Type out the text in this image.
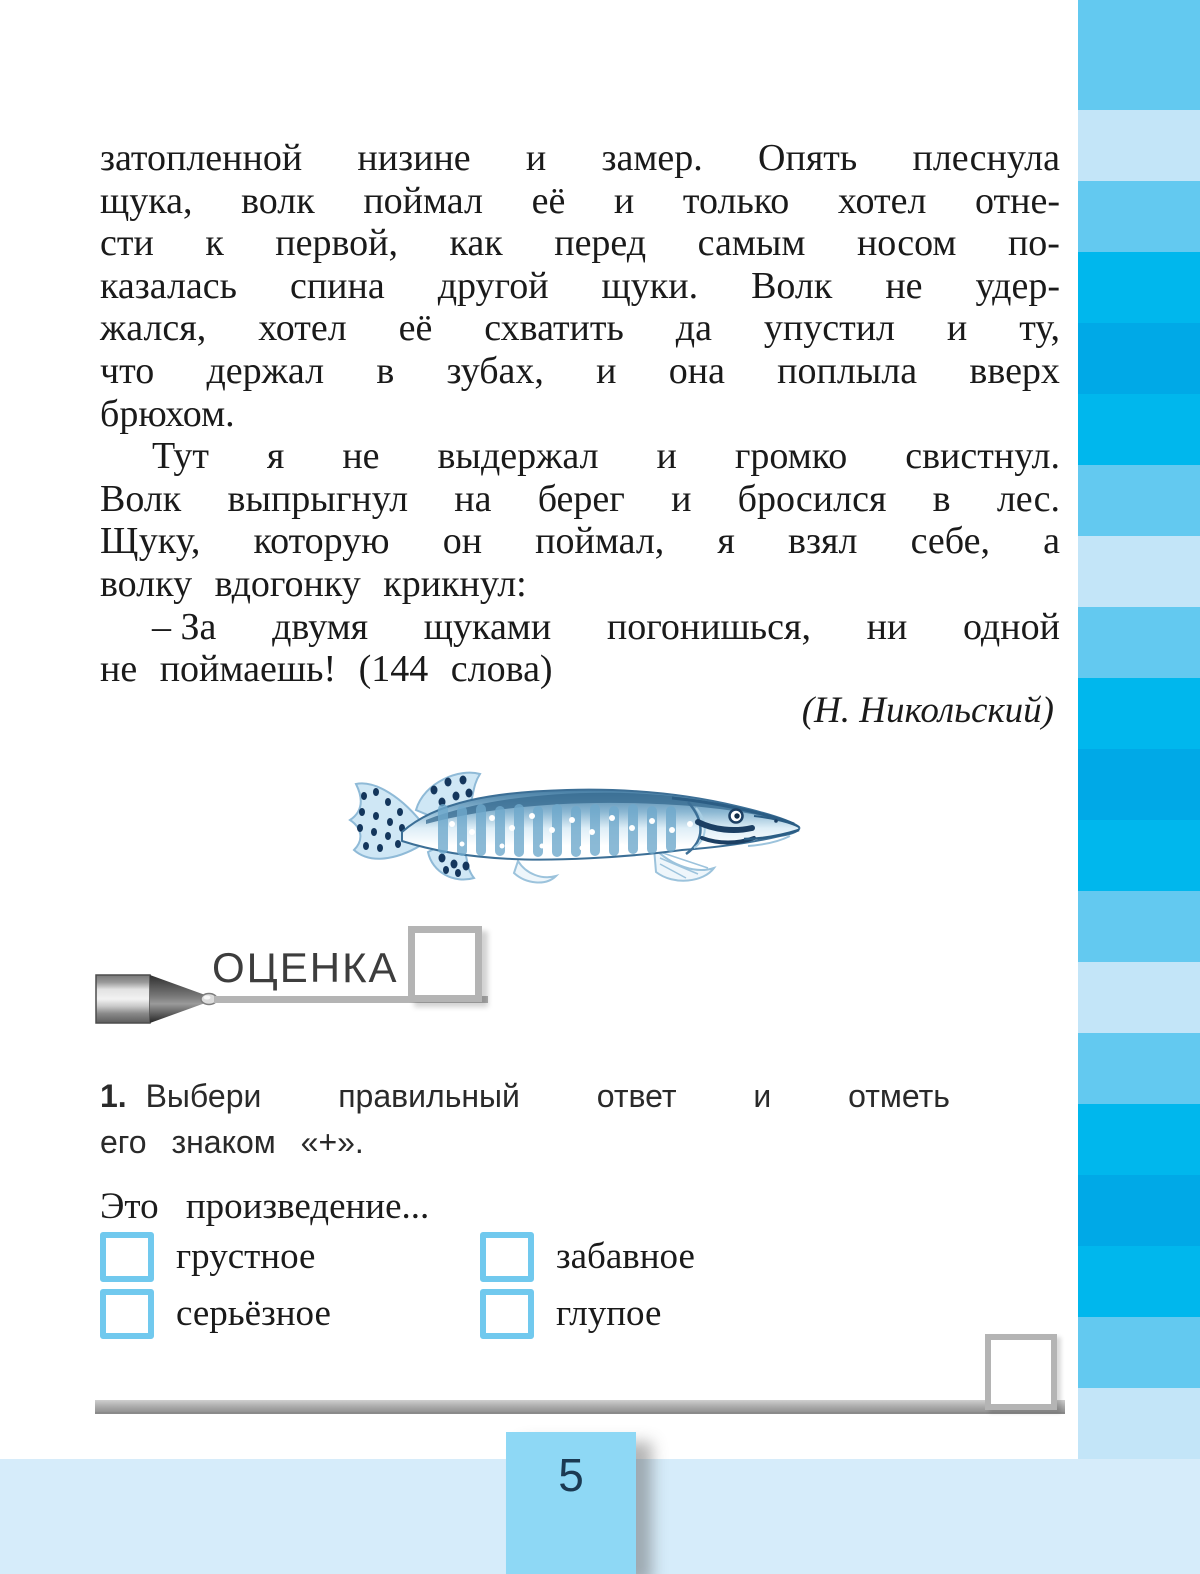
затопленной низине и замер. Опять плеснула
щука, волк поймал её и только хотел отне-
сти к первой, как перед самым носом по-
казалась спина другой щуки. Волк не удер-
жался, хотел её схватить да упустил и ту,
что держал в зубах, и она поплыла вверх
брюхом.
Тут я не выдержал и громко свистнул.
Волк выпрыгнул на берег и бросился в лес.
Щуку, которую он поймал, я взял себе, а
волку вдогонку крикнул:
– За двумя щуками погонишься, ни одной
не поймаешь! (144 слова)
(Н. Никольский)
ОЦЕНКА
1. Выбери правильный ответ и отметь
его знаком «+».
Это произведение...
грустное	забавное
серьёзное	глупое
5
